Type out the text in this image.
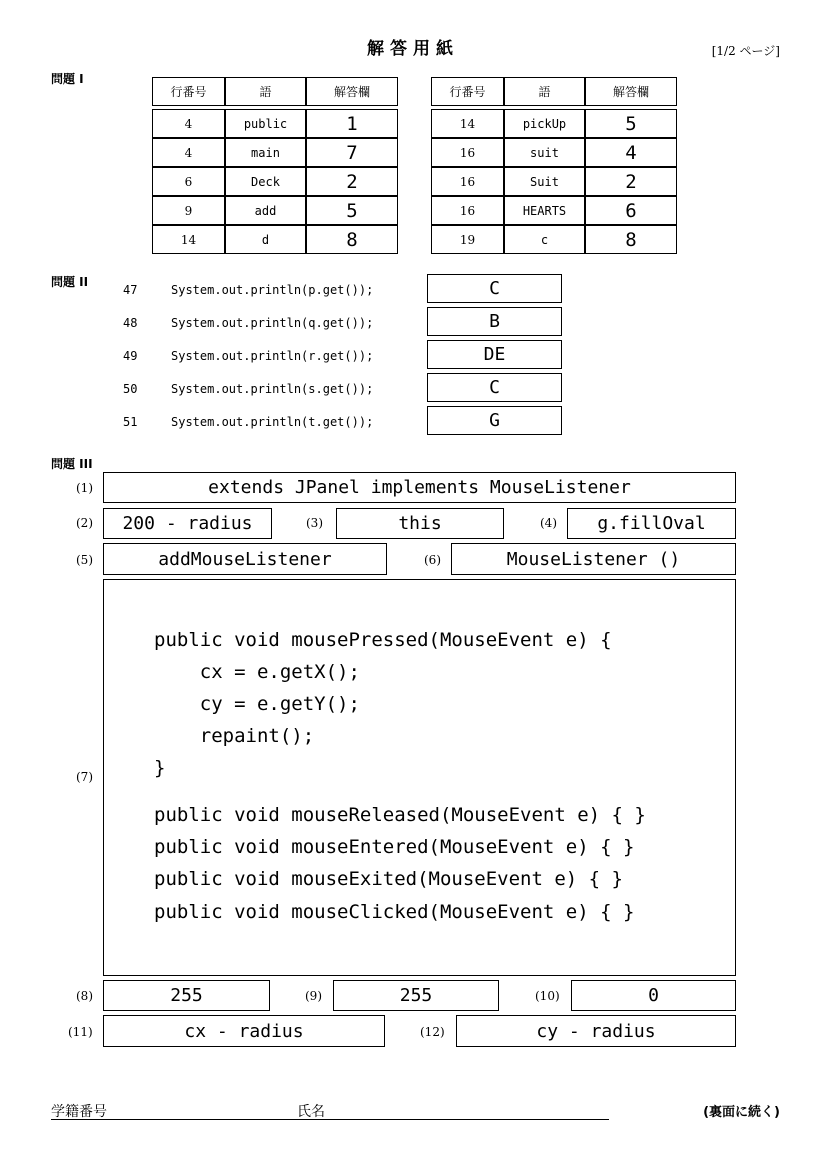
解答用紙	[1/2 ページ]
問題 I
行番号	語	解答欄

4	public	1
4	main	7
6	Deck	2
9	add	5
14	d	8
行番号	語	解答欄

14	pickUp	5
16	suit	4
16	Suit	2
16	HEARTS	6
19	c	8
問題 II
47	System.out.println(p.get());	C
48	System.out.println(q.get());	B
49	System.out.println(r.get());	DE
50	System.out.println(s.get());	C
51	System.out.println(t.get());	G
問題 III
(1)	extends JPanel implements MouseListener
(2)	200 - radius	(3)	this	(4)	g.fillOval
(5)	addMouseListener	(6)	MouseListener ()
(7)
public void mousePressed(MouseEvent e) {
cx = e.getX();
cy = e.getY();
repaint();
}
public void mouseReleased(MouseEvent e) { }
public void mouseEntered(MouseEvent e) { }
public void mouseExited(MouseEvent e) { }
public void mouseClicked(MouseEvent e) { }
(8)	255	(9)	255	(10)	0
(11)	cx - radius	(12)	cy - radius
学籍番号	氏名	(裏面に続く)
